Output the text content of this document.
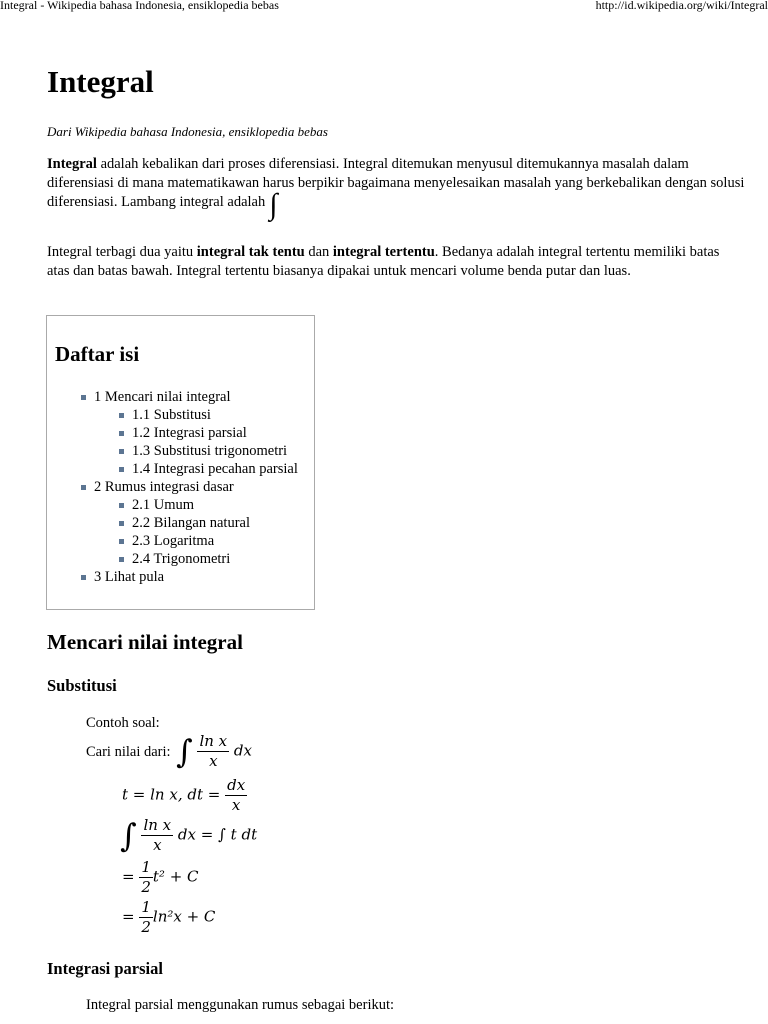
Integral - Wikipedia bahasa Indonesia, ensiklopedia bebas	http://id.wikipedia.org/wiki/Integral
Integral
Dari Wikipedia bahasa Indonesia, ensiklopedia bebas
Integral adalah kebalikan dari proses diferensiasi. Integral ditemukan menyusul ditemukannya masalah dalam diferensiasi di mana matematikawan harus berpikir bagaimana menyelesaikan masalah yang berkebalikan dengan solusi diferensiasi. Lambang integral adalah ∫
Integral terbagi dua yaitu integral tak tentu dan integral tertentu. Bedanya adalah integral tertentu memiliki batas atas dan batas bawah. Integral tertentu biasanya dipakai untuk mencari volume benda putar dan luas.
Daftar isi
1 Mencari nilai integral
1.1 Substitusi
1.2 Integrasi parsial
1.3 Substitusi trigonometri
1.4 Integrasi pecahan parsial
2 Rumus integrasi dasar
2.1 Umum
2.2 Bilangan natural
2.3 Logaritma
2.4 Trigonometri
3 Lihat pula
Mencari nilai integral
Substitusi
Contoh soal:
Cari nilai dari: ∫ $\frac{\text{ln x}}{x}$ dx
t = ln x, dt = $\frac{dx}{x}$
∫ $\frac{\text{ln x}}{x}$ dx = ∫ t dt
= $\frac{1}{2} t^2 + C$
= $\frac{1}{2} \ln^2x + C$
Integrasi parsial
Integral parsial menggunakan rumus sebagai berikut:
